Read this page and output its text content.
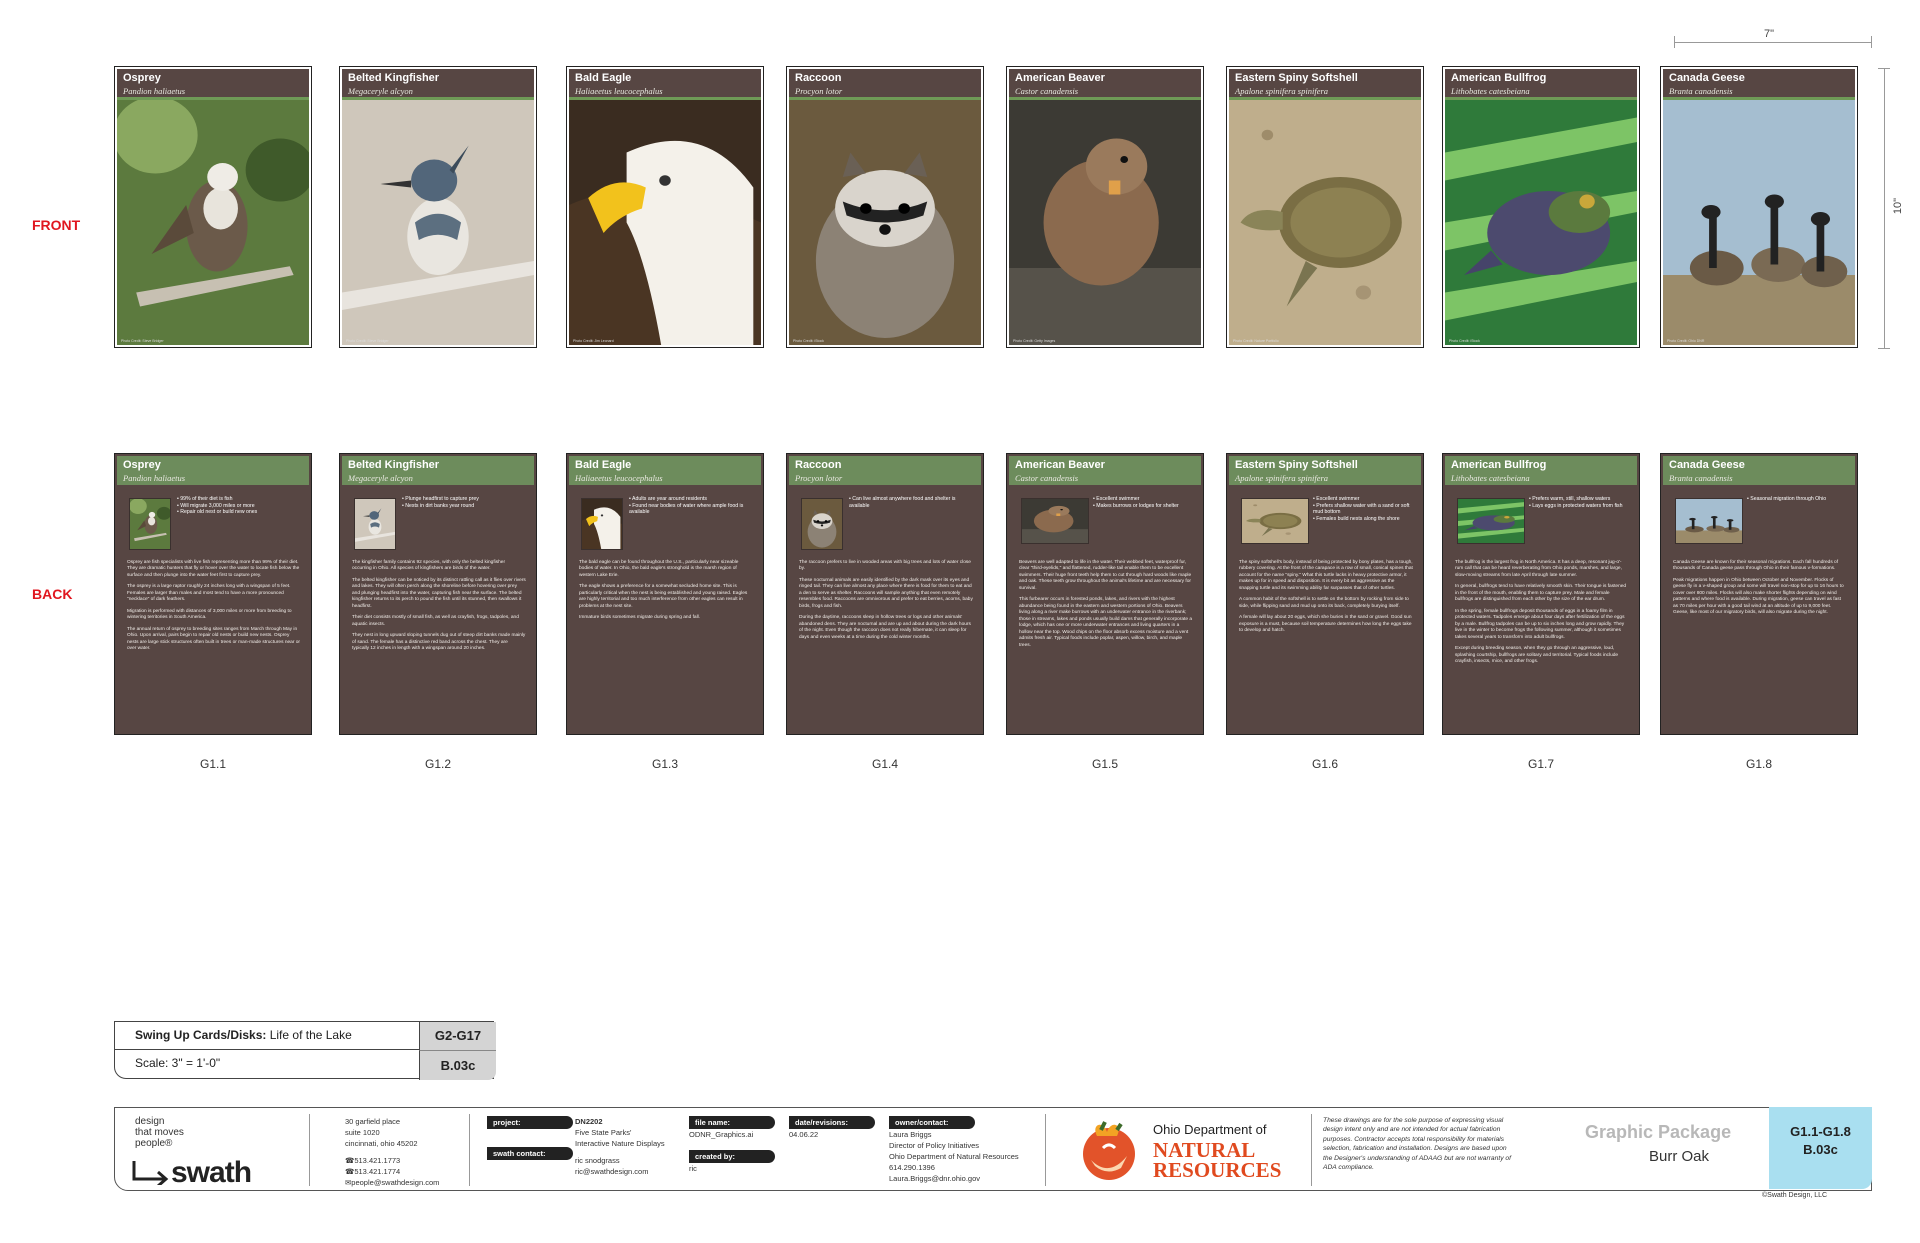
FRONT
BACK
7"
10"
Osprey
Pandion haliaetus
Photo Credit: Steve Bridger
Belted Kingfisher
Megaceryle alcyon
Photo Credit: Steve Bridger
Bald Eagle
Haliaeetus leucocephalus
Photo Credit: Jim Leonard
Raccoon
Procyon lotor
Photo Credit: iStock
American Beaver
Castor canadensis
Photo Credit: Getty Images
Eastern Spiny Softshell
Apalone spinifera spinifera
Photo Credit: Nature Portfolio
American Bullfrog
Lithobates catesbeiana
Photo Credit: iStock
Canada Geese
Branta canadensis
Photo Credit: Ohio DNR
Osprey
Pandion haliaetus
• 99% of their diet is fish
• Will migrate 3,000 miles or more
• Repair old nest or build new ones

Osprey are fish specialists with live fish representing more than 99% of their diet. They are dramatic hunters that fly or hover over the water to locate fish below the surface and then plunge into the water feet first to capture prey.

The osprey is a large raptor roughly 24 inches long with a wingspan of 5 feet. Females are larger than males and most tend to have a more pronounced "necklace" of dark feathers.

Migration is performed with distances of 3,000 miles or more from breeding to wintering territories in South America.

The annual return of osprey to breeding sites ranges from March through May in Ohio. Upon arrival, pairs begin to repair old nests or build new nests. Osprey nests are large stick structures often built in trees or man-made structures near or over water.

Belted Kingfisher
Megaceryle alcyon
• Plunge headfirst to capture prey
• Nests in dirt banks year round

The kingfisher family contains 92 species, with only the belted kingfisher occurring in Ohio. All species of kingfishers are birds of the water.

The belted kingfisher can be noticed by its distinct rattling call as it flies over rivers and lakes. They will often perch along the shoreline before hovering over prey and plunging headfirst into the water, capturing fish near the surface. The belted kingfisher returns to its perch to pound the fish until its stunned, then swallows it headfirst.

Their diet consists mostly of small fish, as well as crayfish, frogs, tadpoles, and aquatic insects.

They nest in long upward sloping tunnels dug out of steep dirt banks made mainly of sand. The female has a distinctive red band across the chest. They are typically 12 inches in length with a wingspan around 20 inches.

Bald Eagle
Haliaeetus leucocephalus
• Adults are year around residents
• Found near bodies of water where ample food is available

The bald eagle can be found throughout the U.S., particularly near sizeable bodies of water. In Ohio, the bald eagle's stronghold is the marsh region of western Lake Erie.

The eagle shows a preference for a somewhat secluded home site. This is particularly critical when the nest is being established and young raised. Eagles are highly territorial and too much interference from other eagles can result in problems at the nest site.

Immature birds sometimes migrate during spring and fall.

Raccoon
Procyon lotor
• Can live almost anywhere food and shelter is available

The raccoon prefers to live in wooded areas with big trees and lots of water close by.

These nocturnal animals are easily identified by the dark mask over its eyes and ringed tail. They can live almost any place where there is food for them to eat and a den to serve as shelter. Raccoons will sample anything that even remotely resembles food. Raccoons are omnivorous and prefer to eat berries, acorns, baby birds, frogs and fish.

During the daytime, raccoons sleep in hollow trees or logs and other animals' abandoned dens. They are nocturnal and are up and about during the dark hours of the night. Even though the raccoon does not really hibernate, it can sleep for days and even weeks at a time during the cold winter months.

American Beaver
Castor canadensis
• Excellent swimmer
• Makes burrows or lodges for shelter

Beavers are well adapted to life in the water. Their webbed feet, waterproof fur, clear "third-eyelids," and flattened, rudder-like tail enable them to be excellent swimmers. Their huge front teeth help them to cut through hard woods like maple and oak. These teeth grow throughout the animal's lifetime and are necessary for survival.

This furbearer occurs in forested ponds, lakes, and rivers with the highest abundance being found in the eastern and western portions of Ohio. Beavers living along a river make burrows with an underwater entrance in the riverbank; those in streams, lakes and ponds usually build dams that generally incorporate a lodge, which has one or more underwater entrances and living quarters in a hollow near the top. Wood chips on the floor absorb excess moisture and a vent admits fresh air. Typical foods include poplar, aspen, willow, birch, and maple trees.

Eastern Spiny Softshell
Apalone spinifera spinifera
• Excellent swimmer
• Prefers shallow water with a sand or soft mud bottom
• Females build nests along the shore

The spiny softshell's body, instead of being protected by bony plates, has a tough, rubbery covering. At the front of the carapace is a row of small, conical spines that account for the name "spiny." What this turtle lacks in heavy protective armor, it makes up for in speed and disposition. It is every bit as aggressive as the snapping turtle and its swimming ability far surpasses that of other turtles.

A common habit of the softshell is to settle on the bottom by rocking from side to side, while flipping sand and mud up onto its back, completely burying itself.

A female will lay about 20 eggs, which she buries in the sand or gravel. Good sun exposure is a must, because soil temperature determines how long the eggs take to develop and hatch.

American Bullfrog
Lithobates catesbeiana
• Prefers warm, still, shallow waters
• Lays eggs in protected waters from fish

The bullfrog is the largest frog in North America. It has a deep, resonant jug-o'-rum call that can be heard reverberating from Ohio ponds, marshes, and large, slow-moving streams from late April through late summer.

In general, bullfrogs tend to have relatively smooth skin. Their tongue is fastened in the front of the mouth, enabling them to capture prey. Male and female bullfrogs are distinguished from each other by the size of the ear drum.

In the spring, female bullfrogs deposit thousands of eggs in a foamy film in protected waters. Tadpoles emerge about four days after fertilization of the eggs by a male. Bullfrog tadpoles can be up to six inches long and grow rapidly. They live in the winter to become frogs the following summer, although it sometimes takes several years to transform into adult bullfrogs.

Except during breeding season, when they go through an aggressive, loud, splashing courtship, bullfrogs are solitary and territorial. Typical foods include crayfish, insects, mice, and other frogs.

Canada Geese
Branta canadensis
• Seasonal migration through Ohio

Canada Geese are known for their seasonal migrations. Each fall hundreds of thousands of Canada geese pass through Ohio in their famous v-formations.

Peak migrations happen in Ohio between October and November. Flocks of geese fly in a v-shaped group and some will travel non-stop for up to 16 hours to cover over 800 miles. Flocks will also make shorter flights depending on wind patterns and where food is available. During migration, geese can travel as fast as 70 miles per hour with a good tail wind at an altitude of up to 9,000 feet. Geese, like most of our migratory birds, will also migrate during the night.

Swing Up Cards/Disks: Life of the Lake
Scale: 3" = 1'-0"
G2-G17
B.03c
design
that moves
people®
swath
30 garfield place
suite 1020
cincinnati, ohio 45202
☎513.421.1773
☎513.421.1774
✉people@swathdesign.com
project:
swath contact:
DN2202
Five State Parks'
Interactive Nature Displays
ric snodgrass
ric@swathdesign.com
file name:
ODNR_Graphics.ai
created by:
ric
date/revisions:
04.06.22
owner/contact:
Laura Briggs
Director of Policy Initiatives
Ohio Department of Natural Resources
614.290.1396
Laura.Briggs@dnr.ohio.gov
Ohio Department of
NATURAL
RESOURCES
These drawings are for the sole purpose of expressing visual design intent only and are not intended for actual fabrication purposes. Contractor accepts total responsibility for materials selection, fabrication and installation. Designs are based upon the Designer's understanding of ADAAG but are not warranty of ADA compliance.
Graphic Package
Burr Oak
G1.1-G1.8
B.03c
©Swath Design, LLC
G1.1	G1.2	G1.3	G1.4	G1.5	G1.6	G1.7	G1.8
